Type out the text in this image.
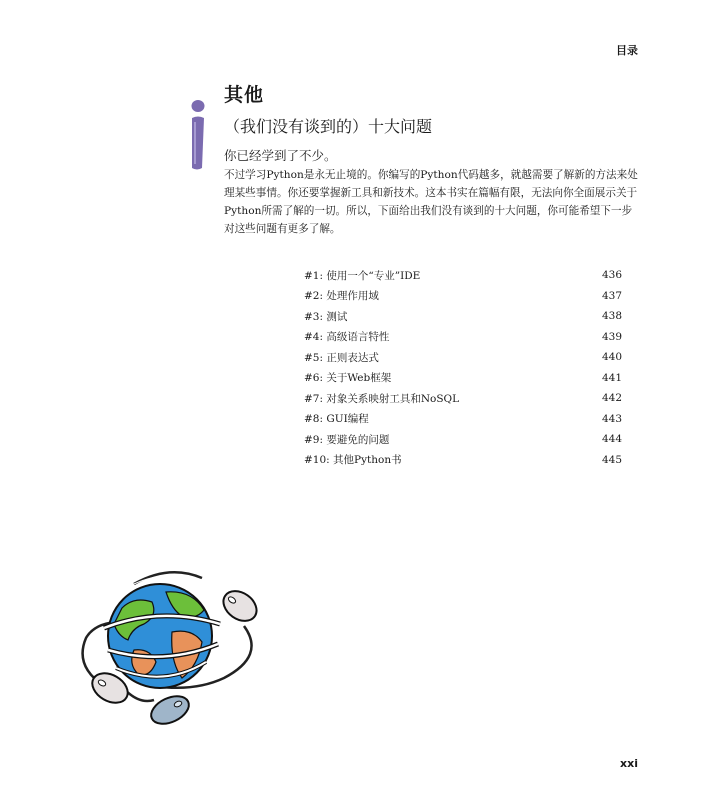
目录
其他
（我们没有谈到的）十大问题
你已经学到了不少。
不过学习Python是永无止境的。你编写的Python代码越多，就越需要了解新的方法来处理某些事情。你还要掌握新工具和新技术。这本书实在篇幅有限，无法向你全面展示关于Python所需了解的一切。所以，下面给出我们没有谈到的十大问题，你可能希望下一步对这些问题有更多了解。
#1: 使用一个“专业”IDE	436
#2: 处理作用域	437
#3: 测试	438
#4: 高级语言特性	439
#5: 正则表达式	440
#6: 关于Web框架	441
#7: 对象关系映射工具和NoSQL	442
#8: GUI编程	443
#9: 要避免的问题	444
#10: 其他Python书	445
xxi
